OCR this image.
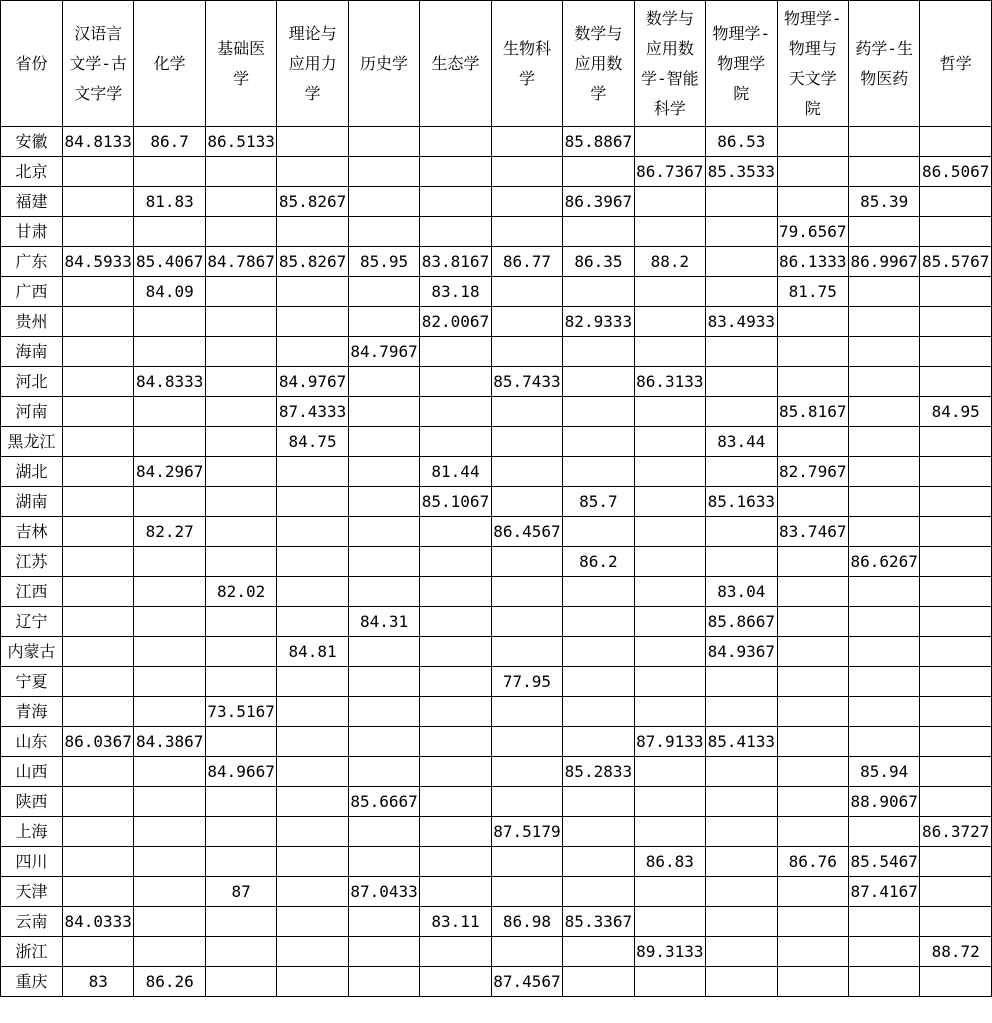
省份	汉语言文学-古文字学	化学	基础医学	理论与应用力学	历史学	生态学	生物科学	数学与应用数学	数学与应用数学-智能科学	物理学-物理学院	物理学-物理与天文学院	药学-生物医药	哲学
安徽	84.8133	86.7	86.5133					85.8867		86.53			
北京									86.7367	85.3533			86.5067
福建		81.83		85.8267				86.3967				85.39	
甘肃											79.6567		
广东	84.5933	85.4067	84.7867	85.8267	85.95	83.8167	86.77	86.35	88.2		86.1333	86.9967	85.5767
广西		84.09				83.18					81.75		
贵州						82.0067		82.9333		83.4933			
海南					84.7967								
河北		84.8333		84.9767			85.7433		86.3133				
河南				87.4333							85.8167		84.95
黑龙江				84.75						83.44			
湖北		84.2967				81.44					82.7967		
湖南						85.1067		85.7		85.1633			
吉林		82.27					86.4567				83.7467		
江苏								86.2				86.6267	
江西			82.02							83.04			
辽宁					84.31					85.8667			
内蒙古				84.81						84.9367			
宁夏							77.95						
青海			73.5167										
山东	86.0367	84.3867							87.9133	85.4133			
山西			84.9667					85.2833				85.94	
陕西					85.6667							88.9067	
上海							87.5179						86.3727
四川									86.83		86.76	85.5467	
天津			87		87.0433							87.4167	
云南	84.0333					83.11	86.98	85.3367					
浙江									89.3133				88.72
重庆	83	86.26					87.4567						
